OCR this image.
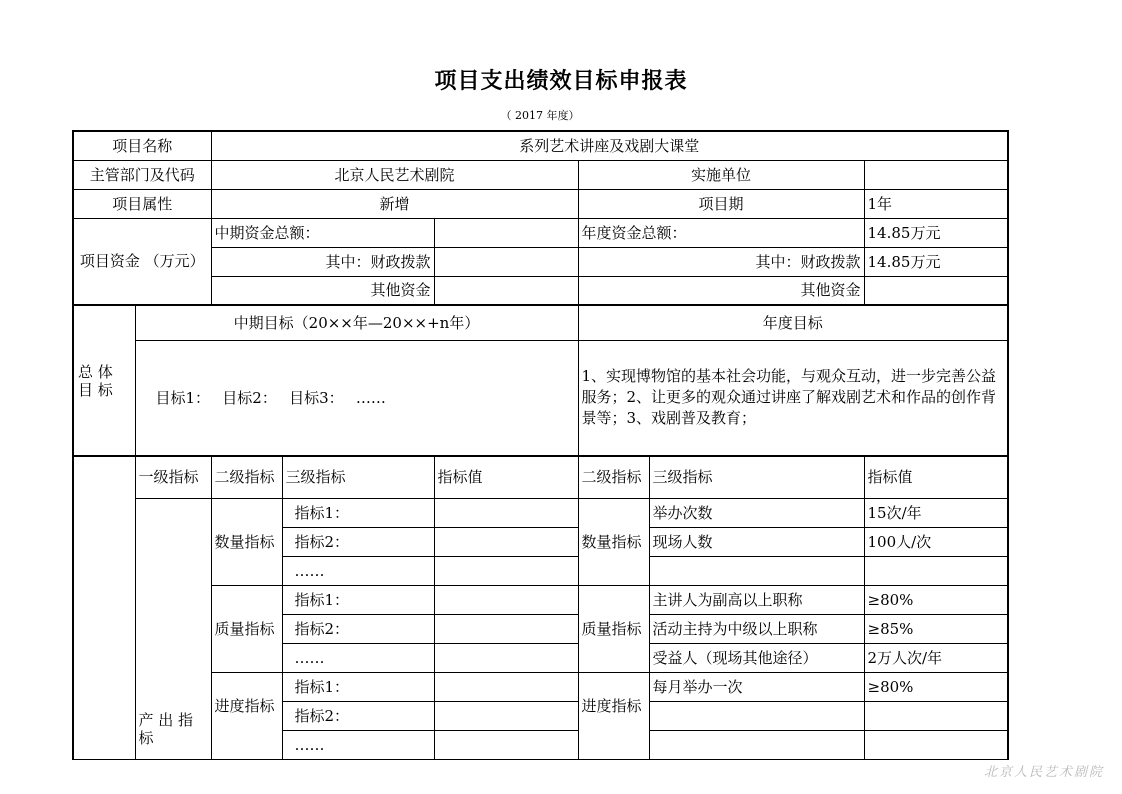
项目支出绩效目标申报表
（ 2017 年度）
项目名称		系列艺术讲座及戏剧大课堂					
主管部门及代码		北京人民艺术剧院			实施单位		
项目属性		新增			项目期		1年
项目资金 （万元）		中期资金总额：			年度资金总额：		14.85万元
		其中：财政拨款			其中：财政拨款		14.85万元
		其他资金			其他资金		
总 体 目 标	中期目标（20××年—20××+n年）				年度目标		
	目标1：　 目标2：　 目标3：　 ……				1、实现博物馆的基本社会功能，与观众互动，进一步完善公益服务；2、让更多的观众通过讲座了解戏剧艺术和作品的创作背景等；3、戏剧普及教育；		
	一级指标	二级指标	三级指标	指标值	二级指标	三级指标	指标值
	产 出 指 标	数量指标	指标1：		数量指标	举办次数	15次/年
			指标2：			现场人数	100人/次
			……				
		质量指标	指标1：		质量指标	主讲人为副高以上职称	≥80%
			指标2：			活动主持为中级以上职称	≥85%
			……			受益人（现场其他途径）	2万人次/年
		进度指标	指标1：		进度指标	每月举办一次	≥80%
			指标2：				
			……				
北京人民艺术剧院
